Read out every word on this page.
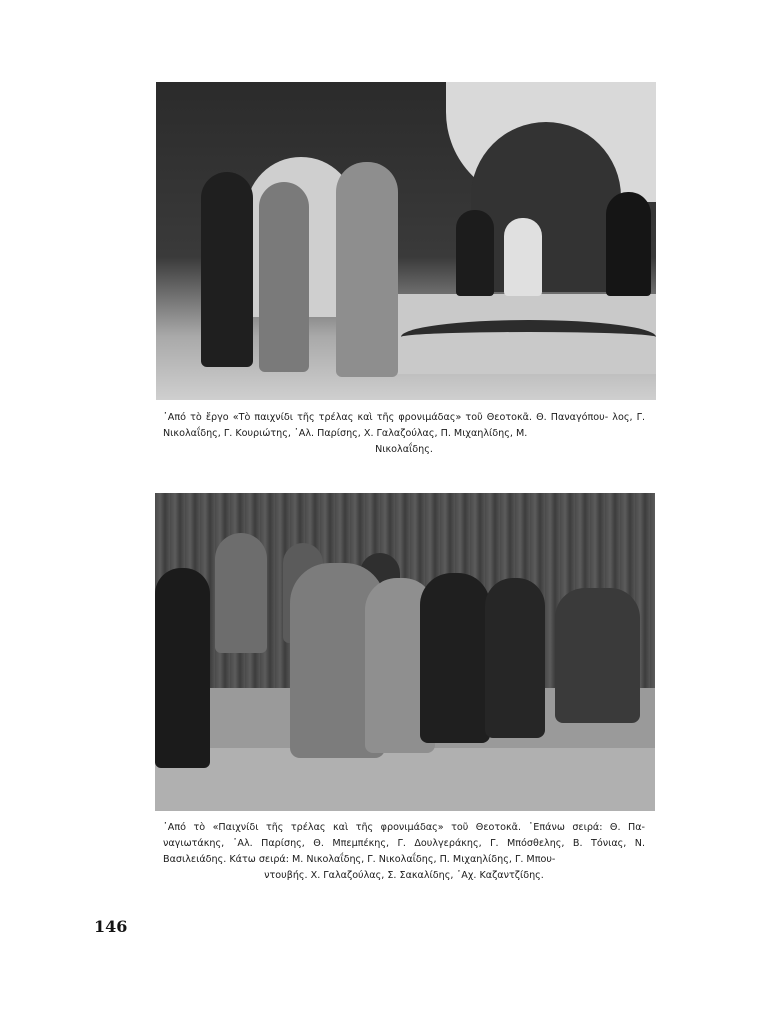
᾿Από τὸ ἔργο «Τὸ παιχνίδι τῆς τρέλας καὶ τῆς φρονιμάδας» τοῦ Θεοτοκᾶ. Θ. Παναγόπου- λος, Γ. Νικολαΐδης, Γ. Κουριώτης, ᾿Αλ. Παρίσης, Χ. Γαλαζούλας, Π. Μιχαηλίδης, Μ.
Νικολαΐδης.

᾿Από τὸ «Παιχνίδι τῆς τρέλας καὶ τῆς φρονιμάδας» τοῦ Θεοτοκᾶ. ῾Επάνω σειρά: Θ. Πα- ναγιωτάκης, ᾿Αλ. Παρίσης, Θ. Μπεμπέκης, Γ. Δουλγεράκης, Γ. Μπόσθελης, Β. Τόνιας, Ν. Βασιλειάδης. Κάτω σειρά: Μ. Νικολαΐδης, Γ. Νικολαΐδης, Π. Μιχαηλίδης, Γ. Μπου-
ντουβής. Χ. Γαλαζούλας, Σ. Σακαλίδης, ᾿Αχ. Καζαντζίδης.

146
